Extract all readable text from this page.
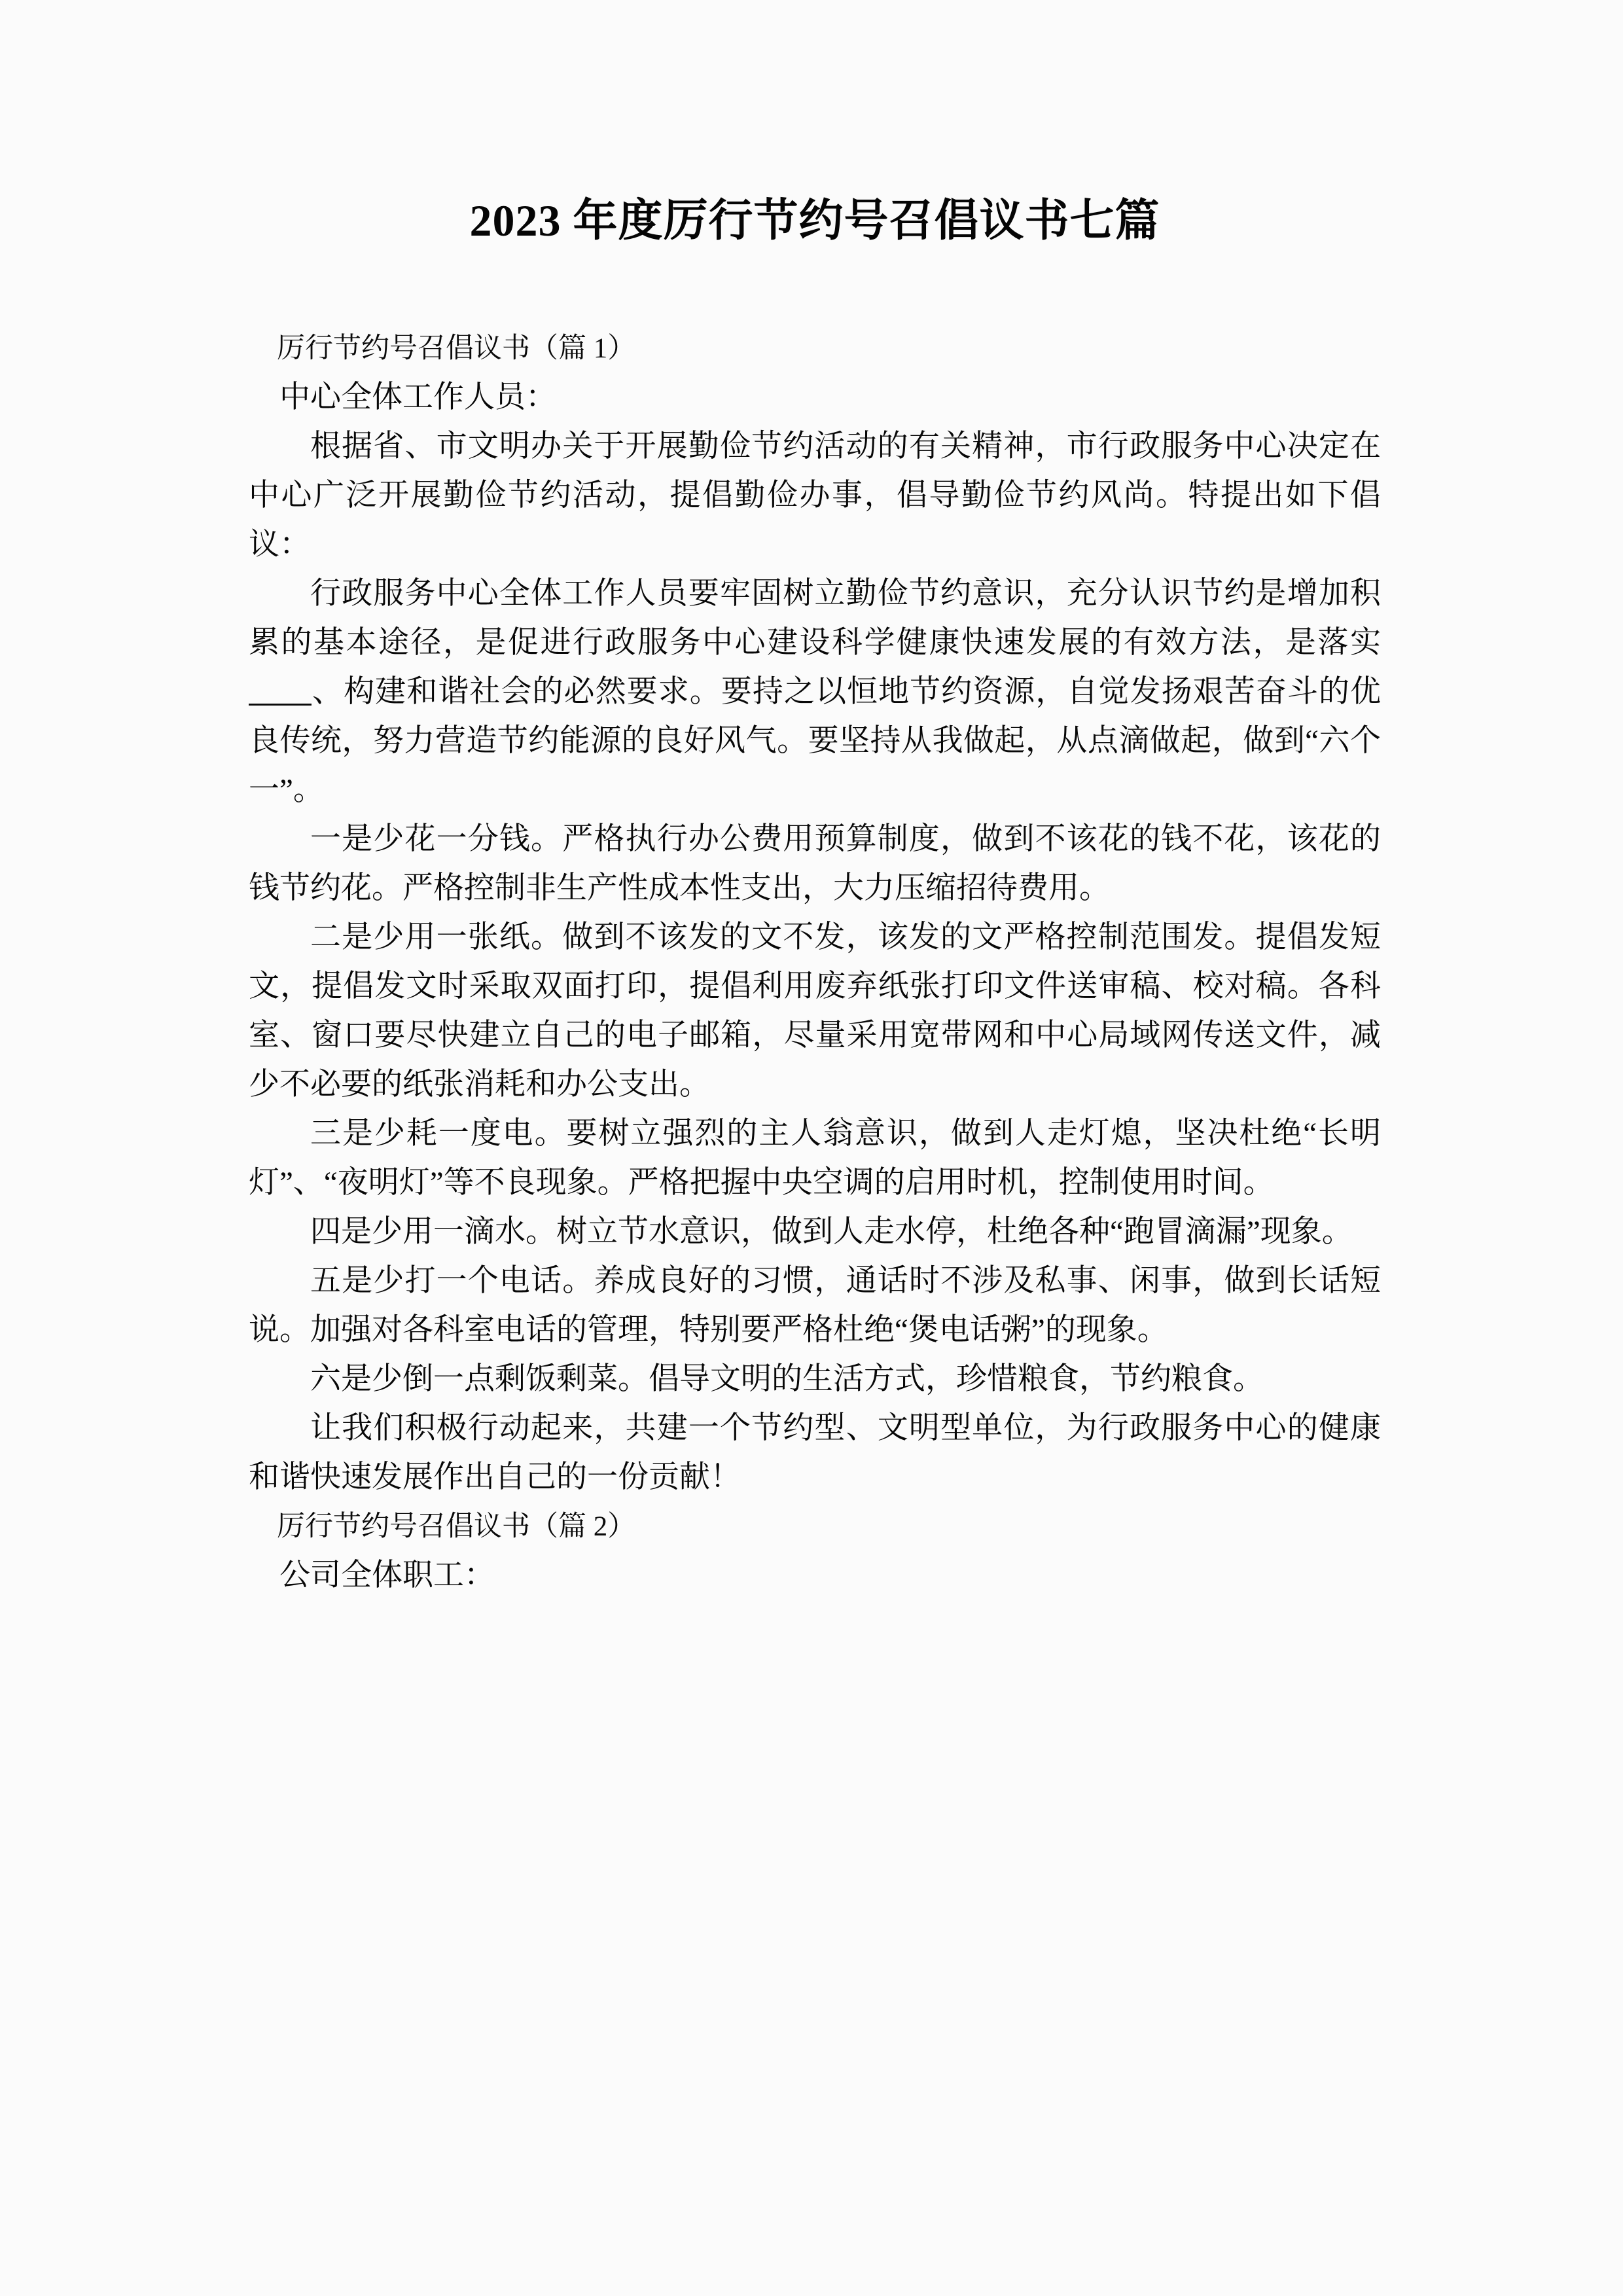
2023 年度厉行节约号召倡议书七篇

厉行节约号召倡议书（篇 1）

中心全体工作人员：

根据省、市文明办关于开展勤俭节约活动的有关精神，市行政服务中心决定在中心广泛开展勤俭节约活动，提倡勤俭办事，倡导勤俭节约风尚。特提出如下倡议：

行政服务中心全体工作人员要牢固树立勤俭节约意识，充分认识节约是增加积累的基本途径，是促进行政服务中心建设科学健康快速发展的有效方法，是落实、构建和谐社会的必然要求。要持之以恒地节约资源，自觉发扬艰苦奋斗的优良传统，努力营造节约能源的良好风气。要坚持从我做起，从点滴做起，做到“六个一”。

一是少花一分钱。严格执行办公费用预算制度，做到不该花的钱不花，该花的钱节约花。严格控制非生产性成本性支出，大力压缩招待费用。

二是少用一张纸。做到不该发的文不发，该发的文严格控制范围发。提倡发短文，提倡发文时采取双面打印，提倡利用废弃纸张打印文件送审稿、校对稿。各科室、窗口要尽快建立自己的电子邮箱，尽量采用宽带网和中心局域网传送文件，减少不必要的纸张消耗和办公支出。

三是少耗一度电。要树立强烈的主人翁意识，做到人走灯熄，坚决杜绝“长明灯”、“夜明灯”等不良现象。严格把握中央空调的启用时机，控制使用时间。

四是少用一滴水。树立节水意识，做到人走水停，杜绝各种“跑冒滴漏”现象。

五是少打一个电话。养成良好的习惯，通话时不涉及私事、闲事，做到长话短说。加强对各科室电话的管理，特别要严格杜绝“煲电话粥”的现象。

六是少倒一点剩饭剩菜。倡导文明的生活方式，珍惜粮食，节约粮食。

让我们积极行动起来，共建一个节约型、文明型单位，为行政服务中心的健康和谐快速发展作出自己的一份贡献！

厉行节约号召倡议书（篇 2）

公司全体职工：
